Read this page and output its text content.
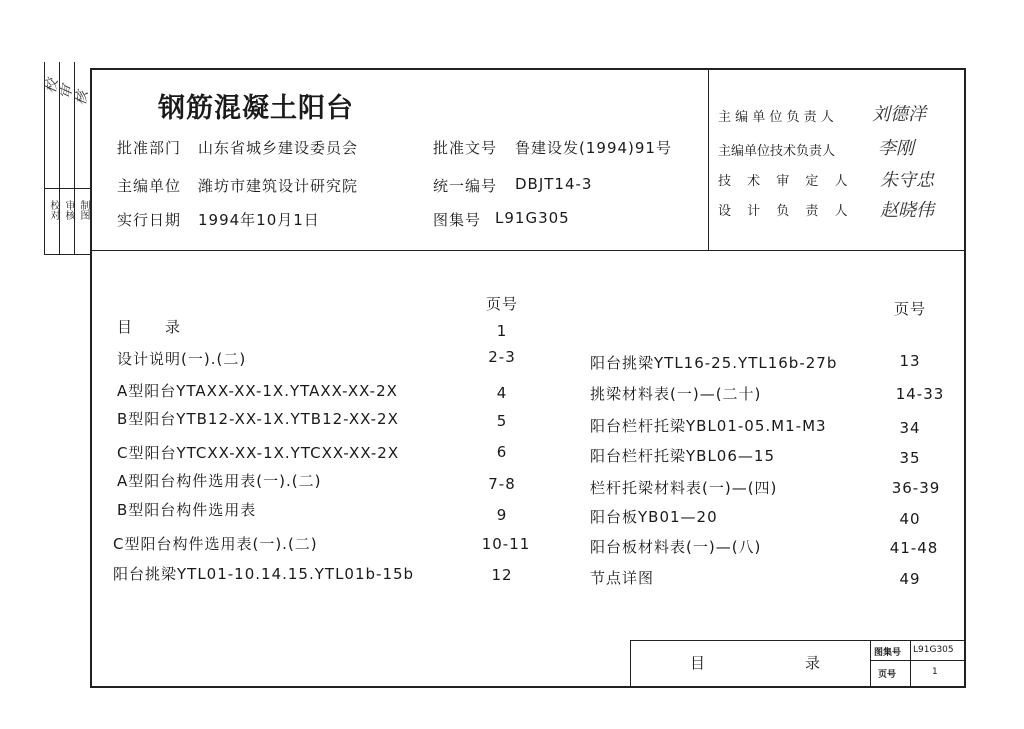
校
审
核
校对 审核 制图
钢筋混凝土阳台
批准部门 山东省城乡建设委员会
主编单位 潍坊市建筑设计研究院
实行日期 1994年10月1日
批准文号 鲁建设发(1994)91号
统一编号 DBJT14-3
图集号 L91G305
主 编 单 位 负 责 人 刘德洋
主编单位技术负责人 李刚
技 术 审 定 人 朱守忠
设 计 负 责 人 赵晓伟
页号	页号
目　　录	1
设计说明(一).(二)	2-3
A型阳台YTAXX-XX-1X.YTAXX-XX-2X	4
B型阳台YTB12-XX-1X.YTB12-XX-2X	5
C型阳台YTCXX-XX-1X.YTCXX-XX-2X	6
A型阳台构件选用表(一).(二)	7-8
B型阳台构件选用表	9
C型阳台构件选用表(一).(二)	10-11
阳台挑梁YTL01-10.14.15.YTL01b-15b	12
阳台挑梁YTL16-25.YTL16b-27b	13
挑梁材料表(一)—(二十)	14-33
阳台栏杆托梁YBL01-05.M1-M3	34
阳台栏杆托梁YBL06—15	35
栏杆托梁材料表(一)—(四)	36-39
阳台板YB01—20	40
阳台板材料表(一)—(八)	41-48
节点详图	49
目　　　　录
图集号 L91G305
页号	1
